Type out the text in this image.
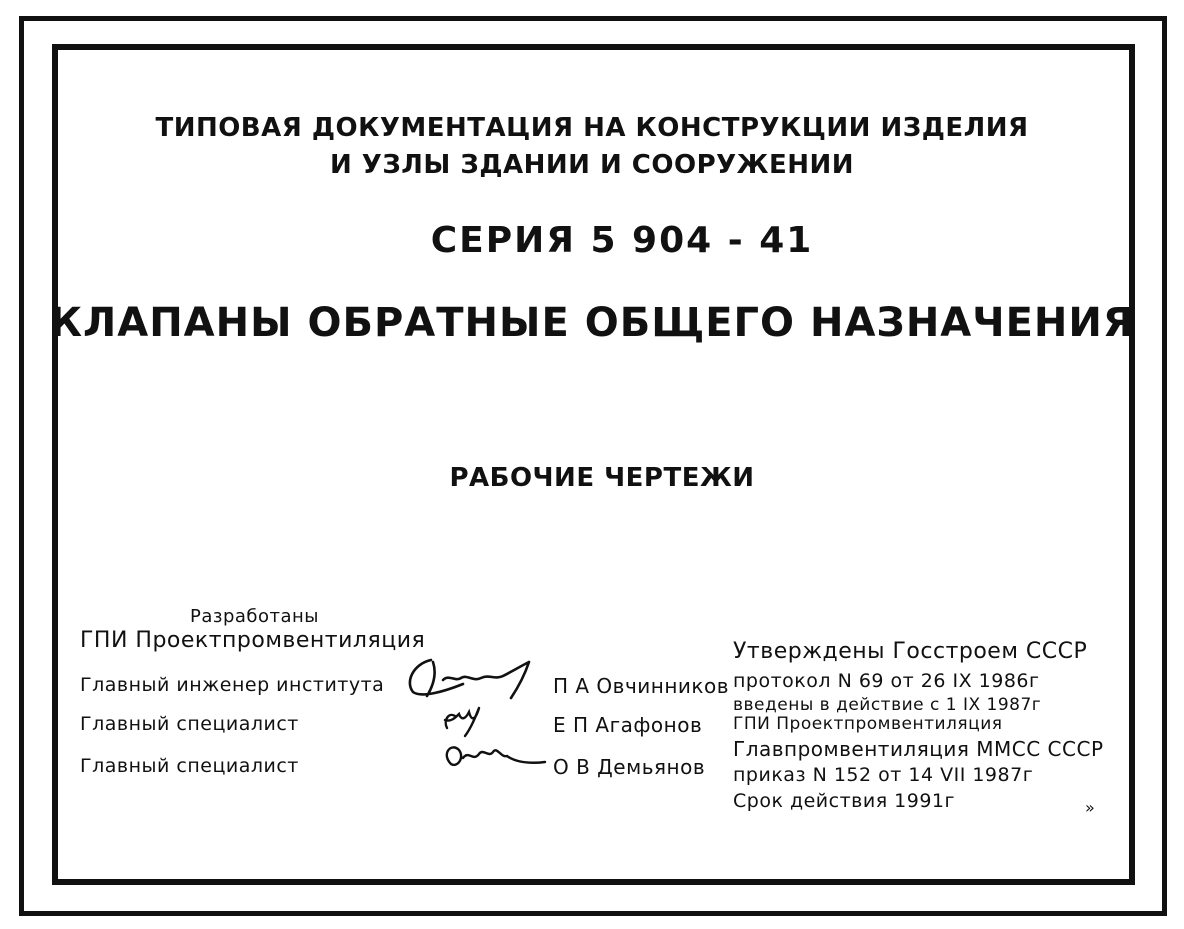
ТИПОВАЯ ДОКУМЕНТАЦИЯ НА КОНСТРУКЦИИ ИЗДЕЛИЯ
И УЗЛЫ ЗДАНИИ И СООРУЖЕНИИ
СЕРИЯ 5 904 - 41
КЛАПАНЫ ОБРАТНЫЕ ОБЩЕГО НАЗНАЧЕНИЯ
РАБОЧИЕ ЧЕРТЕЖИ
Разработаны
ГПИ Проектпромвентиляция
Главный инженер института
Главный специалист
Главный специалист
П А Овчинников
Е П Агафонов
О В Демьянов
Утверждены Госстроем СССР
протокол N 69 от 26 IX 1986г
введены в действие с 1 IX 1987г
ГПИ Проектпромвентиляция
Главпромвентиляция ММСС СССР
приказ N 152 от 14 VII 1987г
Срок действия 1991г	»
